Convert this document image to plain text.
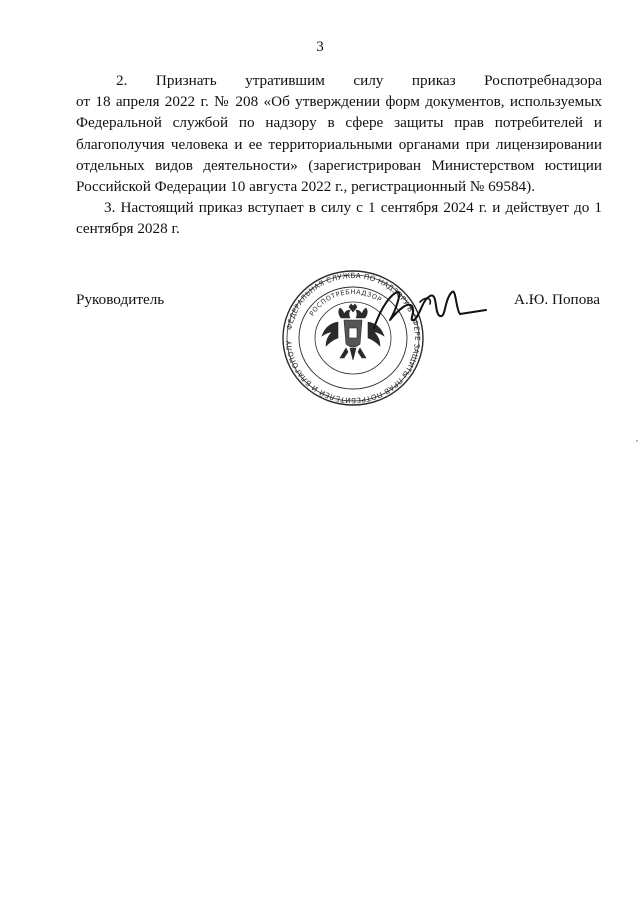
3

2. Признать утратившим силу приказ Роспотребнадзора
от 18 апреля 2022 г. № 208 «Об утверждении форм документов, используемых Федеральной службой по надзору в сфере защиты прав потребителей и благополучия человека и ее территориальными органами при лицензировании отдельных видов деятельности» (зарегистрирован Министерством юстиции Российской Федерации 10 августа 2022 г., регистрационный № 69584).

3. Настоящий приказ вступает в силу с 1 сентября 2024 г. и действует до 1 сентября 2028 г.

Руководитель	А.Ю. Попова
ФЕДЕРАЛЬНАЯ СЛУЖБА ПО НАДЗОРУ В СФЕРЕ ЗАЩИТЫ ПРАВ ПОТРЕБИТЕЛЕЙ И БЛАГОПОЛУ
РОСПОТРЕБНАДЗОР
